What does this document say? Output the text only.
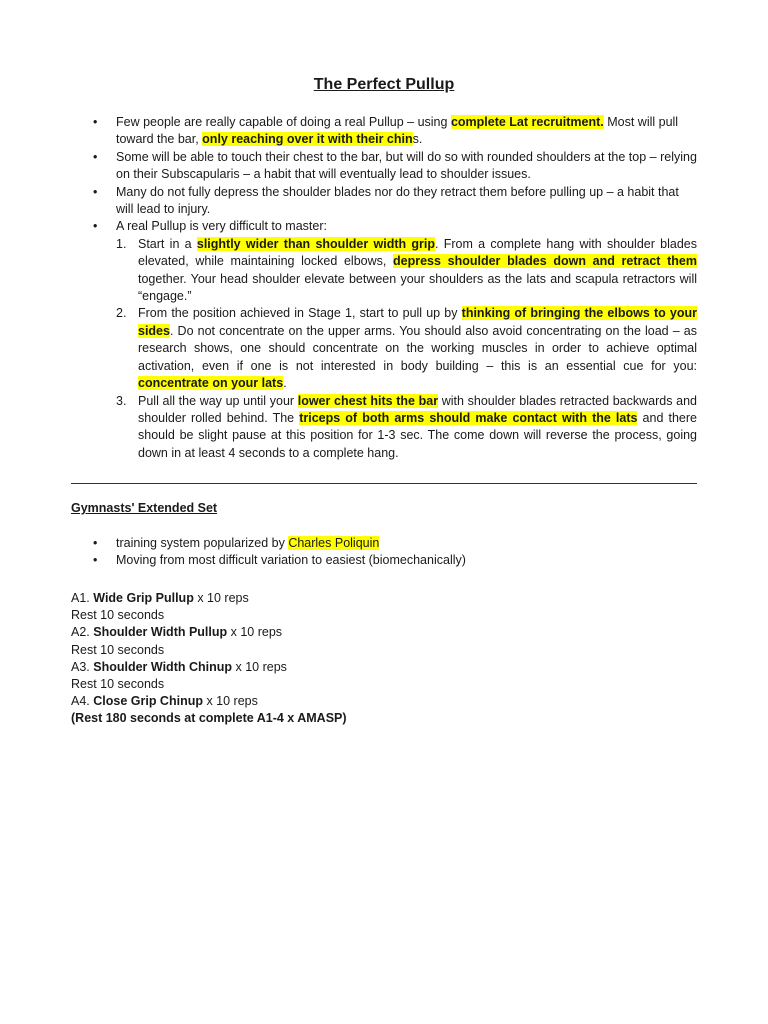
The Perfect Pullup
• Few people are really capable of doing a real Pullup – using complete Lat recruitment. Most will pull toward the bar, only reaching over it with their chins.
• Some will be able to touch their chest to the bar, but will do so with rounded shoulders at the top – relying on their Subscapularis – a habit that will eventually lead to shoulder issues.
• Many do not fully depress the shoulder blades nor do they retract them before pulling up – a habit that will lead to injury.
• A real Pullup is very difficult to master:
1. Start in a slightly wider than shoulder width grip. From a complete hang with shoulder blades elevated, while maintaining locked elbows, depress shoulder blades down and retract them together. Your head shoulder elevate between your shoulders as the lats and scapula retractors will “engage.”
2. From the position achieved in Stage 1, start to pull up by thinking of bringing the elbows to your sides. Do not concentrate on the upper arms. You should also avoid concentrating on the load – as research shows, one should concentrate on the working muscles in order to achieve optimal activation, even if one is not interested in body building – this is an essential cue for you: concentrate on your lats.
3. Pull all the way up until your lower chest hits the bar with shoulder blades retracted backwards and shoulder rolled behind. The triceps of both arms should make contact with the lats and there should be slight pause at this position for 1-3 sec. The come down will reverse the process, going down in at least 4 seconds to a complete hang.
Gymnasts' Extended Set
• training system popularized by Charles Poliquin
• Moving from most difficult variation to easiest (biomechanically)
A1. Wide Grip Pullup x 10 reps
Rest 10 seconds
A2. Shoulder Width Pullup x 10 reps
Rest 10 seconds
A3. Shoulder Width Chinup x 10 reps
Rest 10 seconds
A4. Close Grip Chinup x 10 reps
(Rest 180 seconds at complete A1-4 x AMASP)
